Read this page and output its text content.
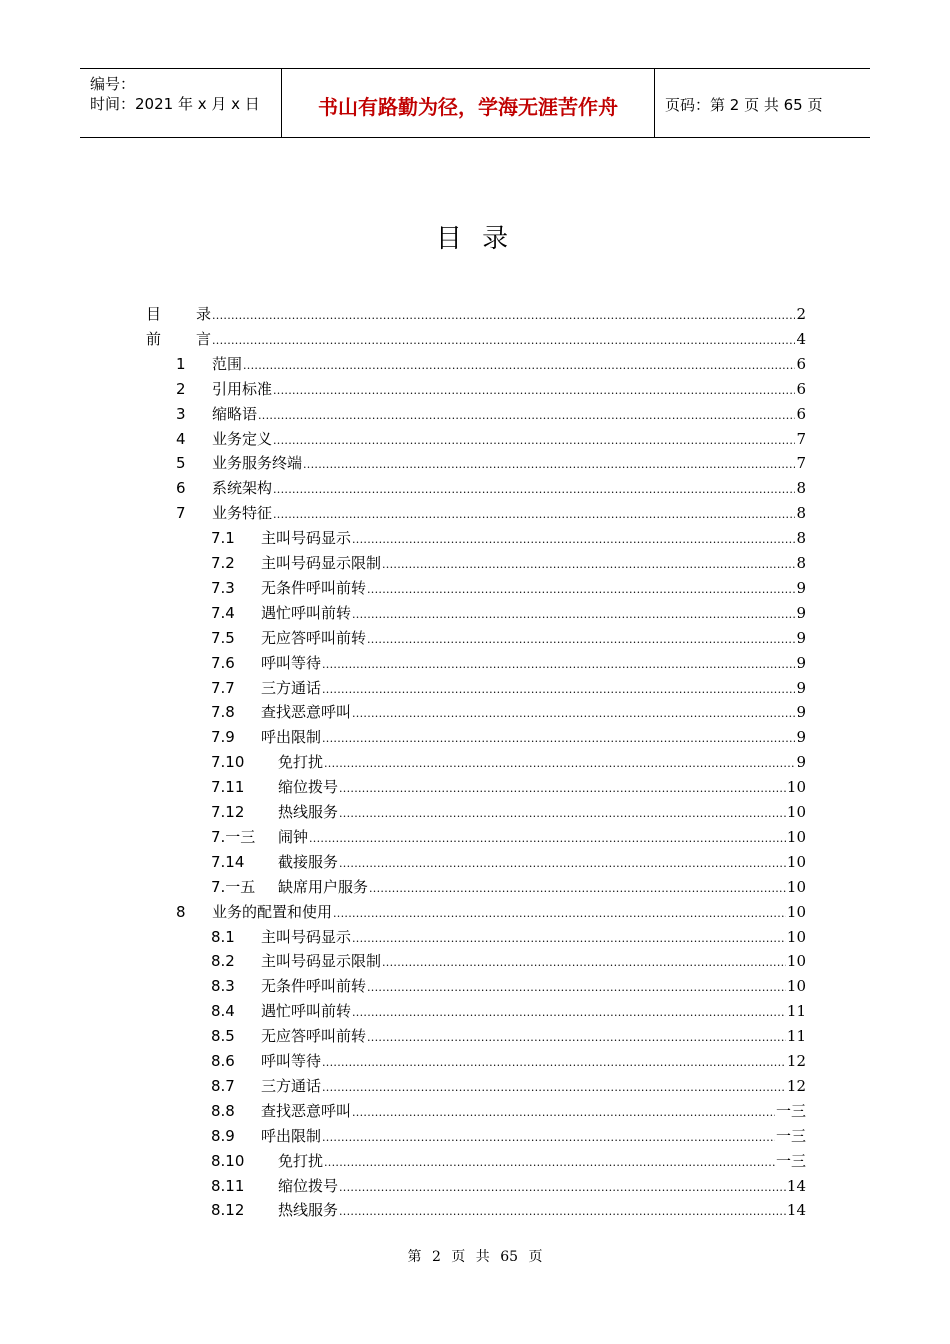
编号：
时间：2021 年 x 月 x 日	书山有路勤为径，学海无涯苦作舟	页码：第 2 页 共 65 页
目 录
目	录 .....	2
前	言 .....	4
1	范围 .....	6
2	引用标准 .....	6
3	缩略语 .....	6
4	业务定义 .....	7
5	业务服务终端 .....	7
6	系统架构 .....	8
7	业务特征 .....	8
7.1	主叫号码显示 .....	8
7.2	主叫号码显示限制 .....	8
7.3	无条件呼叫前转 .....	9
7.4	遇忙呼叫前转 .....	9
7.5	无应答呼叫前转 .....	9
7.6	呼叫等待 .....	9
7.7	三方通话 .....	9
7.8	查找恶意呼叫 .....	9
7.9	呼出限制 .....	9
7.10	免打扰 .....	9
7.11	缩位拨号 .....	10
7.12	热线服务 .....	10
7.一三	闹钟 .....	10
7.14	截接服务 .....	10
7.一五	缺席用户服务 .....	10
8	业务的配置和使用 .....	10
8.1	主叫号码显示 .....	10
8.2	主叫号码显示限制 .....	10
8.3	无条件呼叫前转 .....	10
8.4	遇忙呼叫前转 .....	11
8.5	无应答呼叫前转 .....	11
8.6	呼叫等待 .....	12
8.7	三方通话 .....	12
8.8	查找恶意呼叫 .....	一三
8.9	呼出限制 .....	一三
8.10	免打扰 .....	一三
8.11	缩位拨号 .....	14
8.12	热线服务 .....	14
第 2 页 共 65 页
